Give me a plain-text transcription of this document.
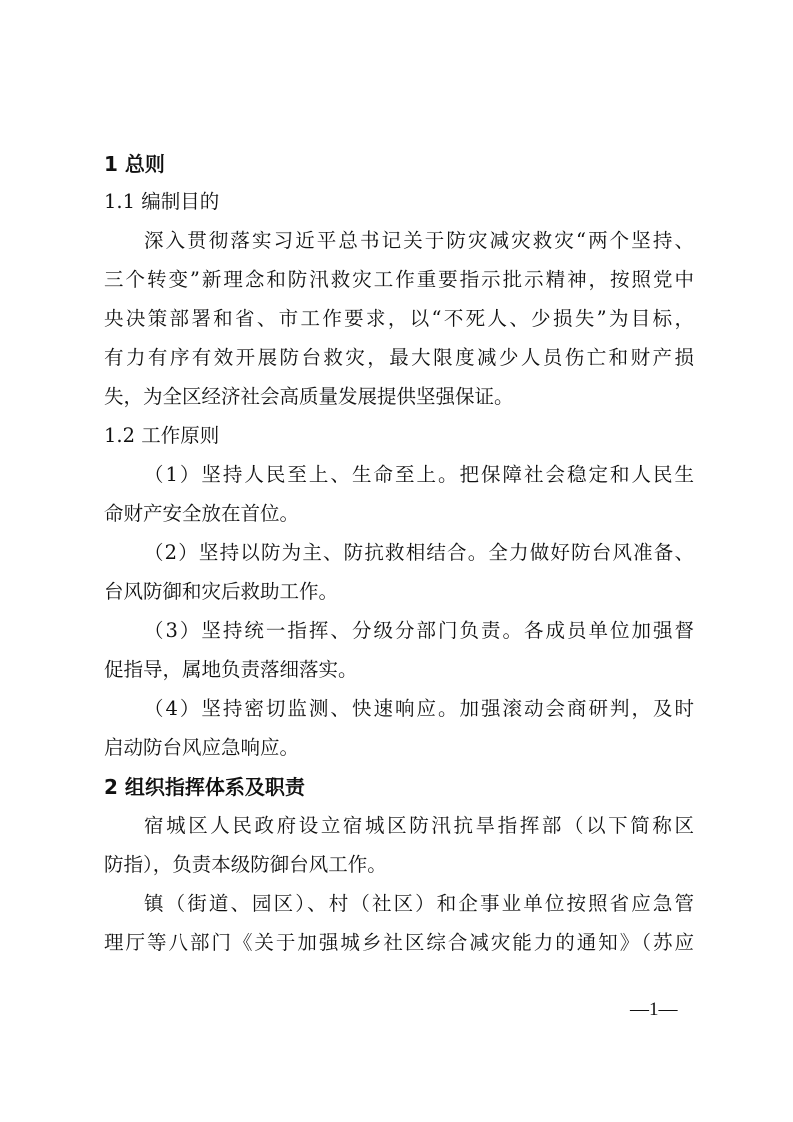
1 总则
1.1 编制目的
深入贯彻落实习近平总书记关于防灾减灾救灾“两个坚持、
三个转变”新理念和防汛救灾工作重要指示批示精神，按照党中
央决策部署和省、市工作要求，以“不死人、少损失”为目标，
有力有序有效开展防台救灾，最大限度减少人员伤亡和财产损
失，为全区经济社会高质量发展提供坚强保证。
1.2 工作原则
（1）坚持人民至上、生命至上。把保障社会稳定和人民生
命财产安全放在首位。
（2）坚持以防为主、防抗救相结合。全力做好防台风准备、
台风防御和灾后救助工作。
（3）坚持统一指挥、分级分部门负责。各成员单位加强督
促指导，属地负责落细落实。
（4）坚持密切监测、快速响应。加强滚动会商研判，及时
启动防台风应急响应。
2 组织指挥体系及职责
宿城区人民政府设立宿城区防汛抗旱指挥部（以下简称区
防指），负责本级防御台风工作。
镇（街道、园区）、村（社区）和企事业单位按照省应急管
理厅等八部门《关于加强城乡社区综合减灾能力的通知》（苏应
—1—
